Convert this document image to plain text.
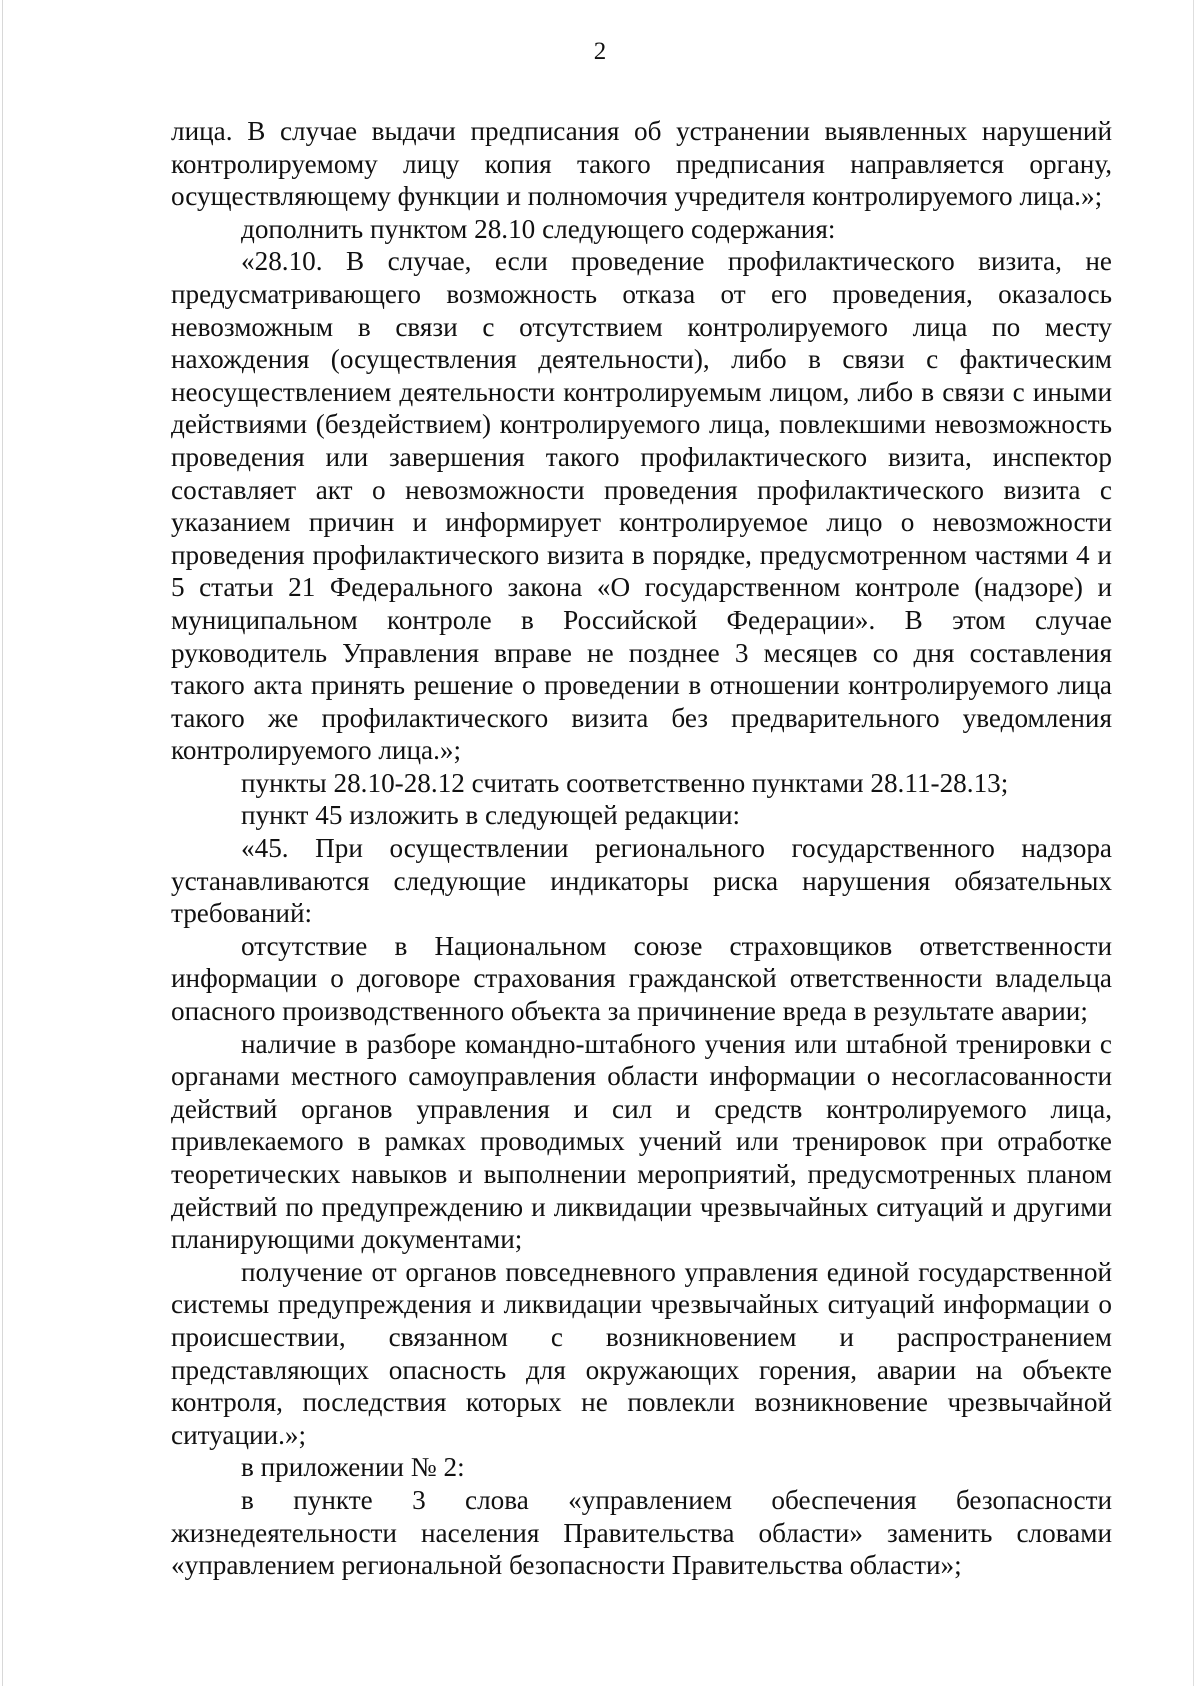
2

лица. В случае выдачи предписания об устранении выявленных нарушений контролируемому лицу копия такого предписания направляется органу, осуществляющему функции и полномочия учредителя контролируемого лица.»;

дополнить пунктом 28.10 следующего содержания:

«28.10. В случае, если проведение профилактического визита, не предусматривающего возможность отказа от его проведения, оказалось невозможным в связи с отсутствием контролируемого лица по месту нахождения (осуществления деятельности), либо в связи с фактическим неосуществлением деятельности контролируемым лицом, либо в связи с иными действиями (бездействием) контролируемого лица, повлекшими невозможность проведения или завершения такого профилактического визита, инспектор составляет акт о невозможности проведения профилактического визита с указанием причин и информирует контролируемое лицо о невозможности проведения профилактического визита в порядке, предусмотренном частями 4 и 5 статьи 21 Федерального закона «О государственном контроле (надзоре) и муниципальном контроле в Российской Федерации». В этом случае руководитель Управления вправе не позднее 3 месяцев со дня составления такого акта принять решение о проведении в отношении контролируемого лица такого же профилактического визита без предварительного уведомления контролируемого лица.»;

пункты 28.10-28.12 считать соответственно пунктами 28.11-28.13;

пункт 45 изложить в следующей редакции:

«45. При осуществлении регионального государственного надзора устанавливаются следующие индикаторы риска нарушения обязательных требований:

отсутствие в Национальном союзе страховщиков ответственности информации о договоре страхования гражданской ответственности владельца опасного производственного объекта за причинение вреда в результате аварии;

наличие в разборе командно-штабного учения или штабной тренировки с органами местного самоуправления области информации о несогласованности действий органов управления и сил и средств контролируемого лица, привлекаемого в рамках проводимых учений или тренировок при отработке теоретических навыков и выполнении мероприятий, предусмотренных планом действий по предупреждению и ликвидации чрезвычайных ситуаций и другими планирующими документами;

получение от органов повседневного управления единой государственной системы предупреждения и ликвидации чрезвычайных ситуаций информации о происшествии, связанном с возникновением и распространением представляющих опасность для окружающих горения, аварии на объекте контроля, последствия которых не повлекли возникновение чрезвычайной ситуации.»;

в приложении № 2:

в пункте 3 слова «управлением обеспечения безопасности жизнедеятельности населения Правительства области» заменить словами «управлением региональной безопасности Правительства области»;
